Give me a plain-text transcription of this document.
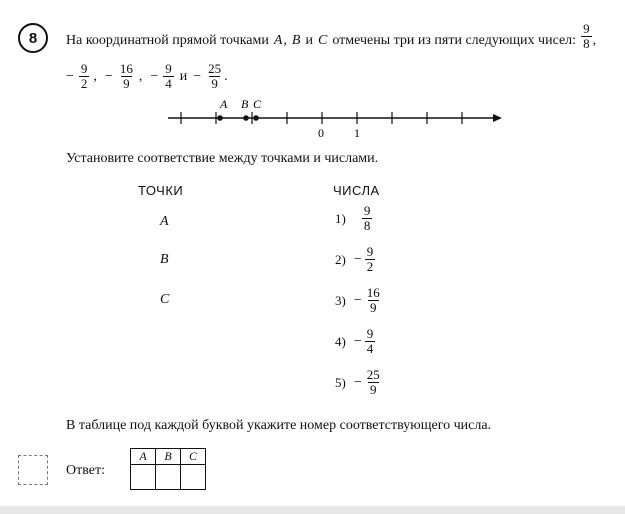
8 На координатной прямой точками A , B и C отмечены три из пяти следующих чисел: $\frac{9}{8}$ ,
− $\frac{9}{2}$ , − $\frac{16}{9}$ , − $\frac{9}{4}$ $и - \frac{25}{9}$ .
A B C
0	1
Установите соответствие между точками и числами.
ТОЧКИ	ЧИСЛА
A
B
C
$1) \frac{9}{8}$
$2) - \frac{9}{2}$
$3) - \frac{16}{9}$
$4) - \frac{9}{4}$
$5) - \frac{25}{9}$
В таблице под каждой буквой укажите номер соответствующего числа.
Ответ:
A	B	C
